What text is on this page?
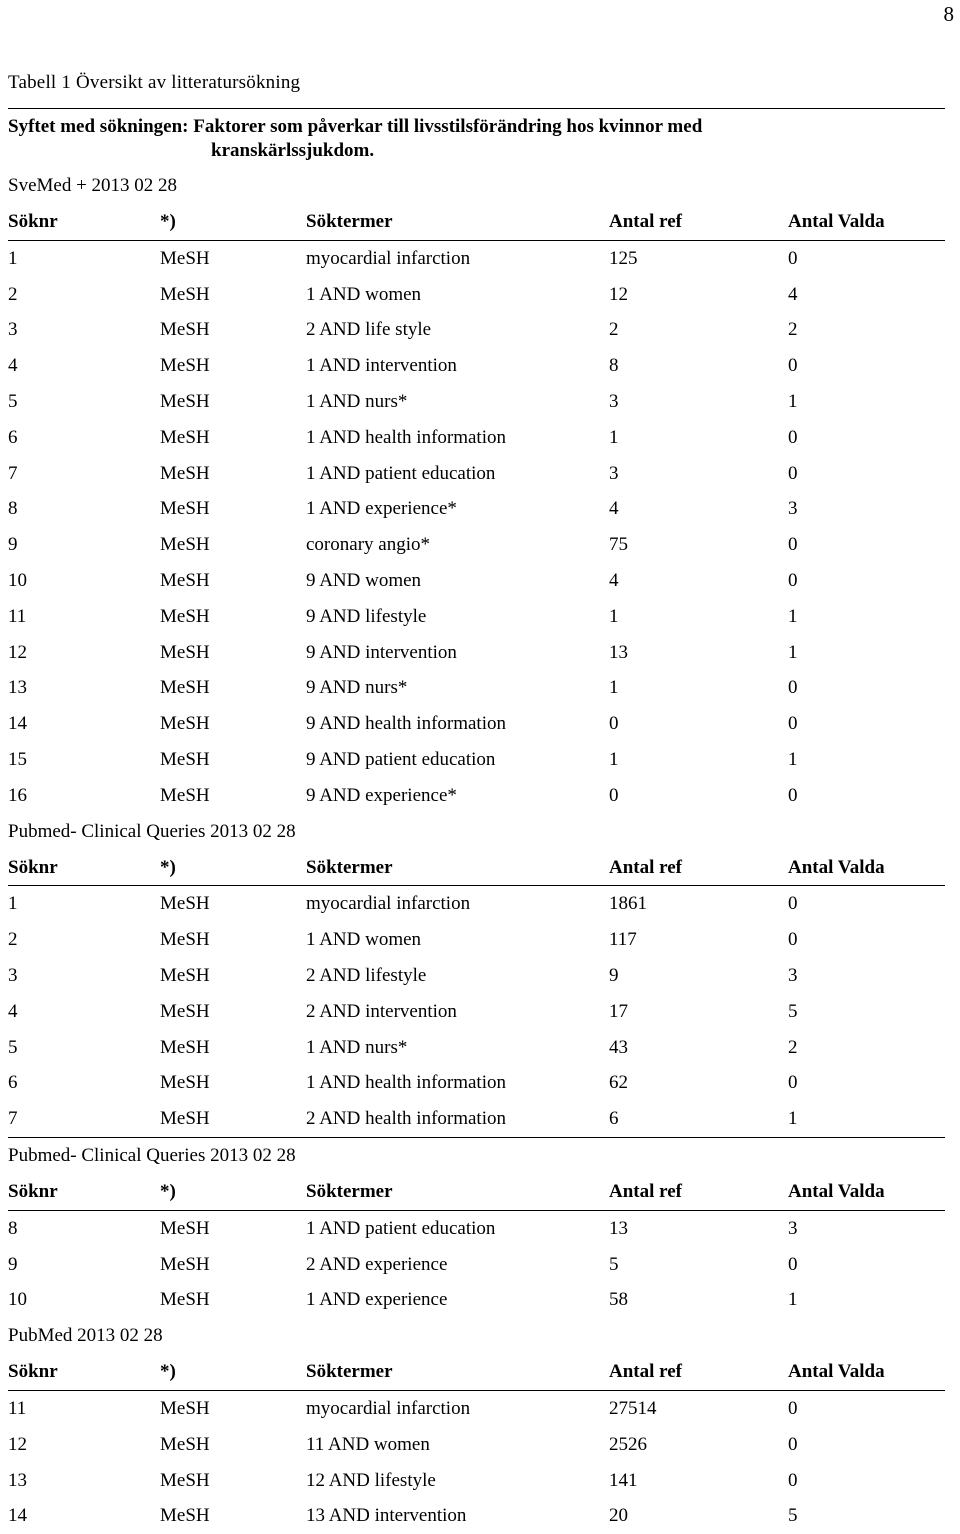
8
Tabell 1 Översikt av litteratursökning
Syftet med sökningen: Faktorer som påverkar till livsstilsförändring hos kvinnor med
kranskärlssjukdom.
SveMed + 2013 02 28
Söknr	*)	Söktermer	Antal ref	Antal Valda
1	MeSH	myocardial infarction	125	0
2	MeSH	1 AND women	12	4
3	MeSH	2 AND life style	2	2
4	MeSH	1 AND intervention	8	0
5	MeSH	1 AND nurs*	3	1
6	MeSH	1 AND health information	1	0
7	MeSH	1 AND patient education	3	0
8	MeSH	1 AND experience*	4	3
9	MeSH	coronary angio*	75	0
10	MeSH	9 AND women	4	0
11	MeSH	9 AND lifestyle	1	1
12	MeSH	9 AND intervention	13	1
13	MeSH	9 AND nurs*	1	0
14	MeSH	9 AND health information	0	0
15	MeSH	9 AND patient education	1	1
16	MeSH	9 AND experience*	0	0
Pubmed- Clinical Queries 2013 02 28
Söknr	*)	Söktermer	Antal ref	Antal Valda
1	MeSH	myocardial infarction	1861	0
2	MeSH	1 AND women	117	0
3	MeSH	2 AND lifestyle	9	3
4	MeSH	2 AND intervention	17	5
5	MeSH	1 AND nurs*	43	2
6	MeSH	1 AND health information	62	0
7	MeSH	2 AND health information	6	1
Pubmed- Clinical Queries 2013 02 28
Söknr	*)	Söktermer	Antal ref	Antal Valda
8	MeSH	1 AND patient education	13	3
9	MeSH	2 AND experience	5	0
10	MeSH	1 AND experience	58	1
PubMed 2013 02 28
Söknr	*)	Söktermer	Antal ref	Antal Valda
11	MeSH	myocardial infarction	27514	0
12	MeSH	11 AND women	2526	0
13	MeSH	12 AND lifestyle	141	0
14	MeSH	13 AND intervention	20	5
